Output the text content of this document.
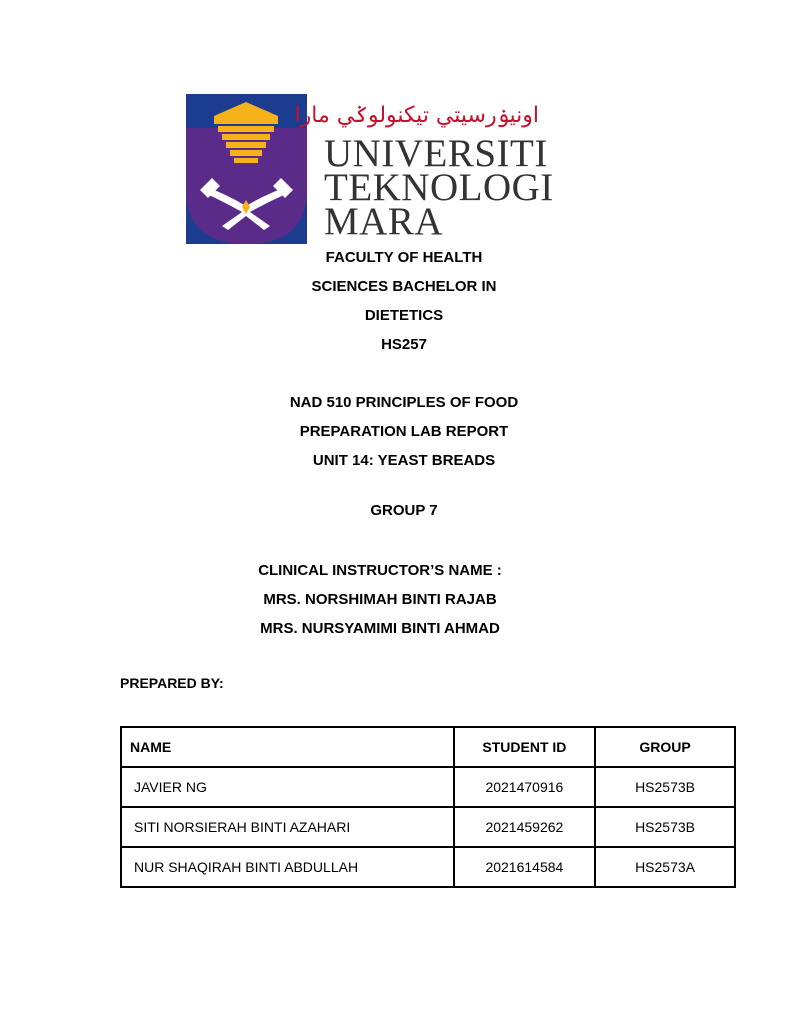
اونيۏرسيتي تيكنولوݢي مارا
UNIVERSITI
TEKNOLOGI
MARA
FACULTY OF HEALTH
SCIENCES BACHELOR IN
DIETETICS
HS257
NAD 510 PRINCIPLES OF FOOD
PREPARATION LAB REPORT
UNIT 14: YEAST BREADS
GROUP 7
CLINICAL INSTRUCTOR’S NAME :
MRS. NORSHIMAH BINTI RAJAB
MRS. NURSYAMIMI BINTI AHMAD
PREPARED BY:
NAME	STUDENT ID	GROUP
JAVIER NG	2021470916	HS2573B
SITI NORSIERAH BINTI AZAHARI	2021459262	HS2573B
NUR SHAQIRAH BINTI ABDULLAH	2021614584	HS2573A
